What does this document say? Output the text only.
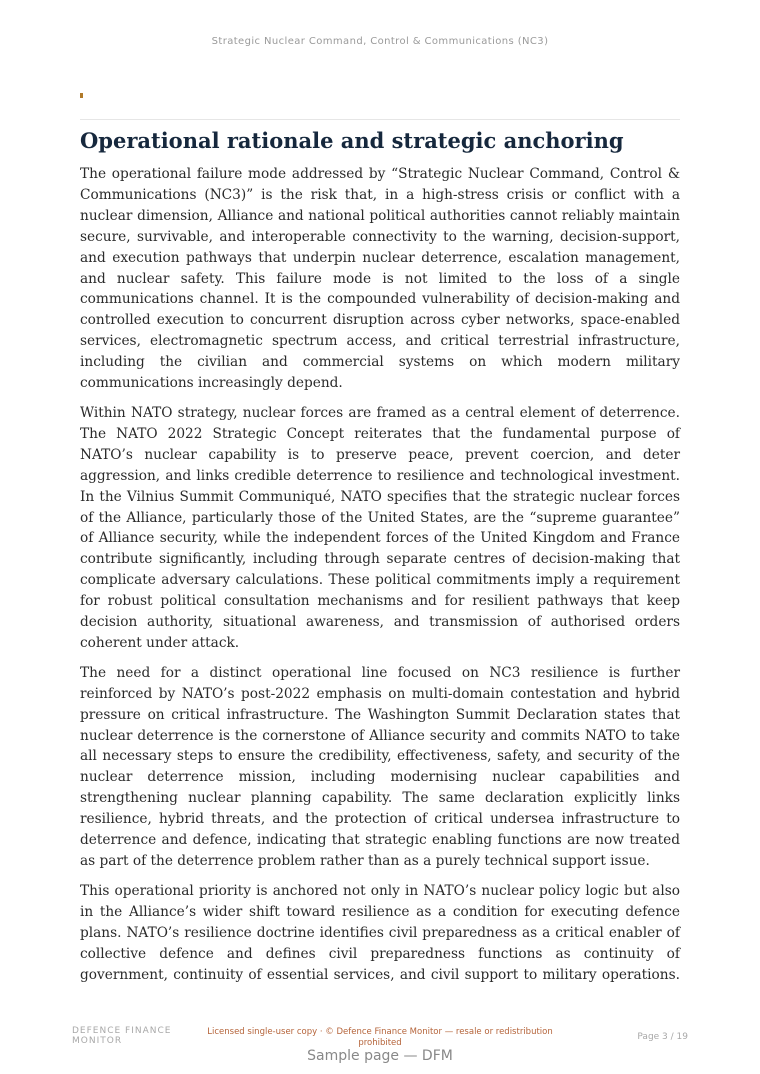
Strategic Nuclear Command, Control & Communications (NC3)
Operational rationale and strategic anchoring

The operational failure mode addressed by “Strategic Nuclear Command, Control & Communications (NC3)” is the risk that, in a high-stress crisis or conflict with a nuclear dimension, Alliance and national political authorities cannot reliably maintain secure, survivable, and interoperable connectivity to the warning, decision-support, and execution pathways that underpin nuclear deterrence, escalation management, and nuclear safety. This failure mode is not limited to the loss of a single communications channel. It is the compounded vulnerability of decision-making and controlled execution to concurrent disruption across cyber networks, space-enabled services, electromagnetic spectrum access, and critical terrestrial infrastructure, including the civilian and commercial systems on which modern military communications increasingly depend.

Within NATO strategy, nuclear forces are framed as a central element of deterrence. The NATO 2022 Strategic Concept reiterates that the fundamental purpose of NATO’s nuclear capability is to preserve peace, prevent coercion, and deter aggression, and links credible deterrence to resilience and technological investment. In the Vilnius Summit Communiqué, NATO specifies that the strategic nuclear forces of the Alliance, particularly those of the United States, are the “supreme guarantee” of Alliance security, while the independent forces of the United Kingdom and France contribute significantly, including through separate centres of decision-making that complicate adversary calculations. These political commitments imply a requirement for robust political consultation mechanisms and for resilient pathways that keep decision authority, situational awareness, and transmission of authorised orders coherent under attack.

The need for a distinct operational line focused on NC3 resilience is further reinforced by NATO’s post-2022 emphasis on multi-domain contestation and hybrid pressure on critical infrastructure. The Washington Summit Declaration states that nuclear deterrence is the cornerstone of Alliance security and commits NATO to take all necessary steps to ensure the credibility, effectiveness, safety, and security of the nuclear deterrence mission, including modernising nuclear capabilities and strengthening nuclear planning capability. The same declaration explicitly links resilience, hybrid threats, and the protection of critical undersea infrastructure to deterrence and defence, indicating that strategic enabling functions are now treated as part of the deterrence problem rather than as a purely technical support issue.

This operational priority is anchored not only in NATO’s nuclear policy logic but also in the Alliance’s wider shift toward resilience as a condition for executing defence plans. NATO’s resilience doctrine identifies civil preparedness as a critical enabler of collective defence and defines civil preparedness functions as continuity of government, continuity of essential services, and civil support to military operations.

DEFENCE FINANCE MONITOR
Licensed single-user copy · © Defence Finance Monitor — resale or redistribution prohibited
Page 3 / 19
Sample page — DFM
